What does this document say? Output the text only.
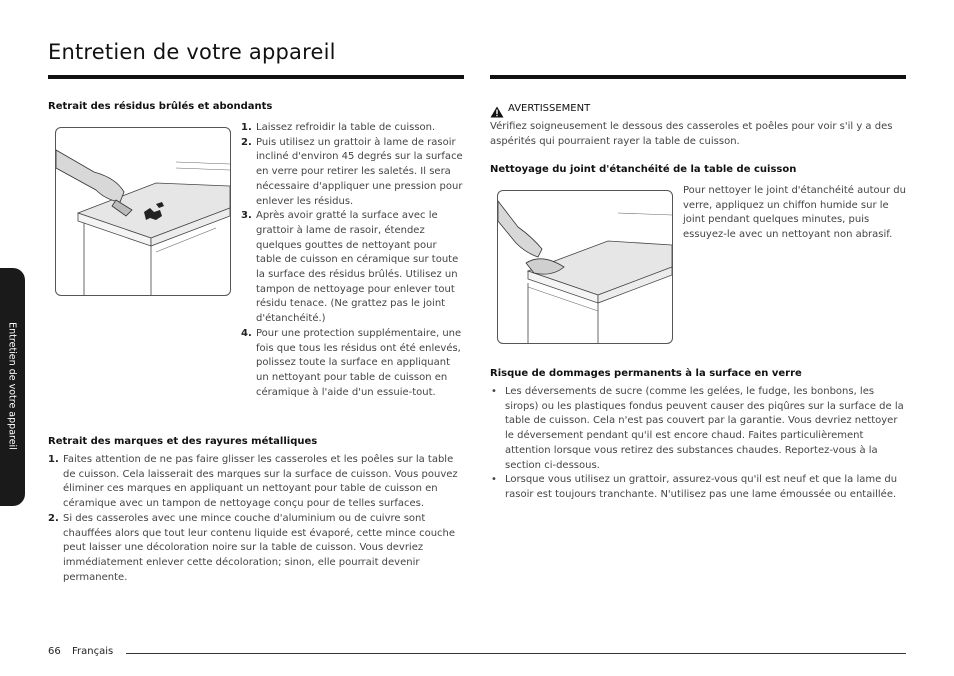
Entretien de votre appareil
Entretien de votre appareil
Retrait des résidus brûlés et abondants
1. Laissez refroidir la table de cuisson.
2. Puis utilisez un grattoir à lame de rasoir incliné d'environ 45 degrés sur la surface en verre pour retirer les saletés. Il sera nécessaire d'appliquer une pression pour enlever les résidus.
3. Après avoir gratté la surface avec le grattoir à lame de rasoir, étendez quelques gouttes de nettoyant pour table de cuisson en céramique sur toute la surface des résidus brûlés. Utilisez un tampon de nettoyage pour enlever tout résidu tenace. (Ne grattez pas le joint d'étanchéité.)
4. Pour une protection supplémentaire, une fois que tous les résidus ont été enlevés, polissez toute la surface en appliquant un nettoyant pour table de cuisson en céramique à l'aide d'un essuie-tout.
Retrait des marques et des rayures métalliques
1. Faites attention de ne pas faire glisser les casseroles et les poêles sur la table de cuisson. Cela laisserait des marques sur la surface de cuisson. Vous pouvez éliminer ces marques en appliquant un nettoyant pour table de cuisson en céramique avec un tampon de nettoyage conçu pour de telles surfaces.
2. Si des casseroles avec une mince couche d'aluminium ou de cuivre sont chauffées alors que tout leur contenu liquide est évaporé, cette mince couche peut laisser une décoloration noire sur la table de cuisson. Vous devriez immédiatement enlever cette décoloration; sinon, elle pourrait devenir permanente.
AVERTISSEMENT

Vérifiez soigneusement le dessous des casseroles et poêles pour voir s'il y a des aspérités qui pourraient rayer la table de cuisson.

Nettoyage du joint d'étanchéité de la table de cuisson

Pour nettoyer le joint d'étanchéité autour du verre, appliquez un chiffon humide sur le joint pendant quelques minutes, puis essuyez-le avec un nettoyant non abrasif.

Risque de dommages permanents à la surface en verre
• Les déversements de sucre (comme les gelées, le fudge, les bonbons, les sirops) ou les plastiques fondus peuvent causer des piqûres sur la surface de la table de cuisson. Cela n'est pas couvert par la garantie. Vous devriez nettoyer le déversement pendant qu'il est encore chaud. Faites particulièrement attention lorsque vous retirez des substances chaudes. Reportez-vous à la section ci-dessous.
• Lorsque vous utilisez un grattoir, assurez-vous qu'il est neuf et que la lame du rasoir est toujours tranchante. N'utilisez pas une lame émoussée ou entaillée.
66 Français
